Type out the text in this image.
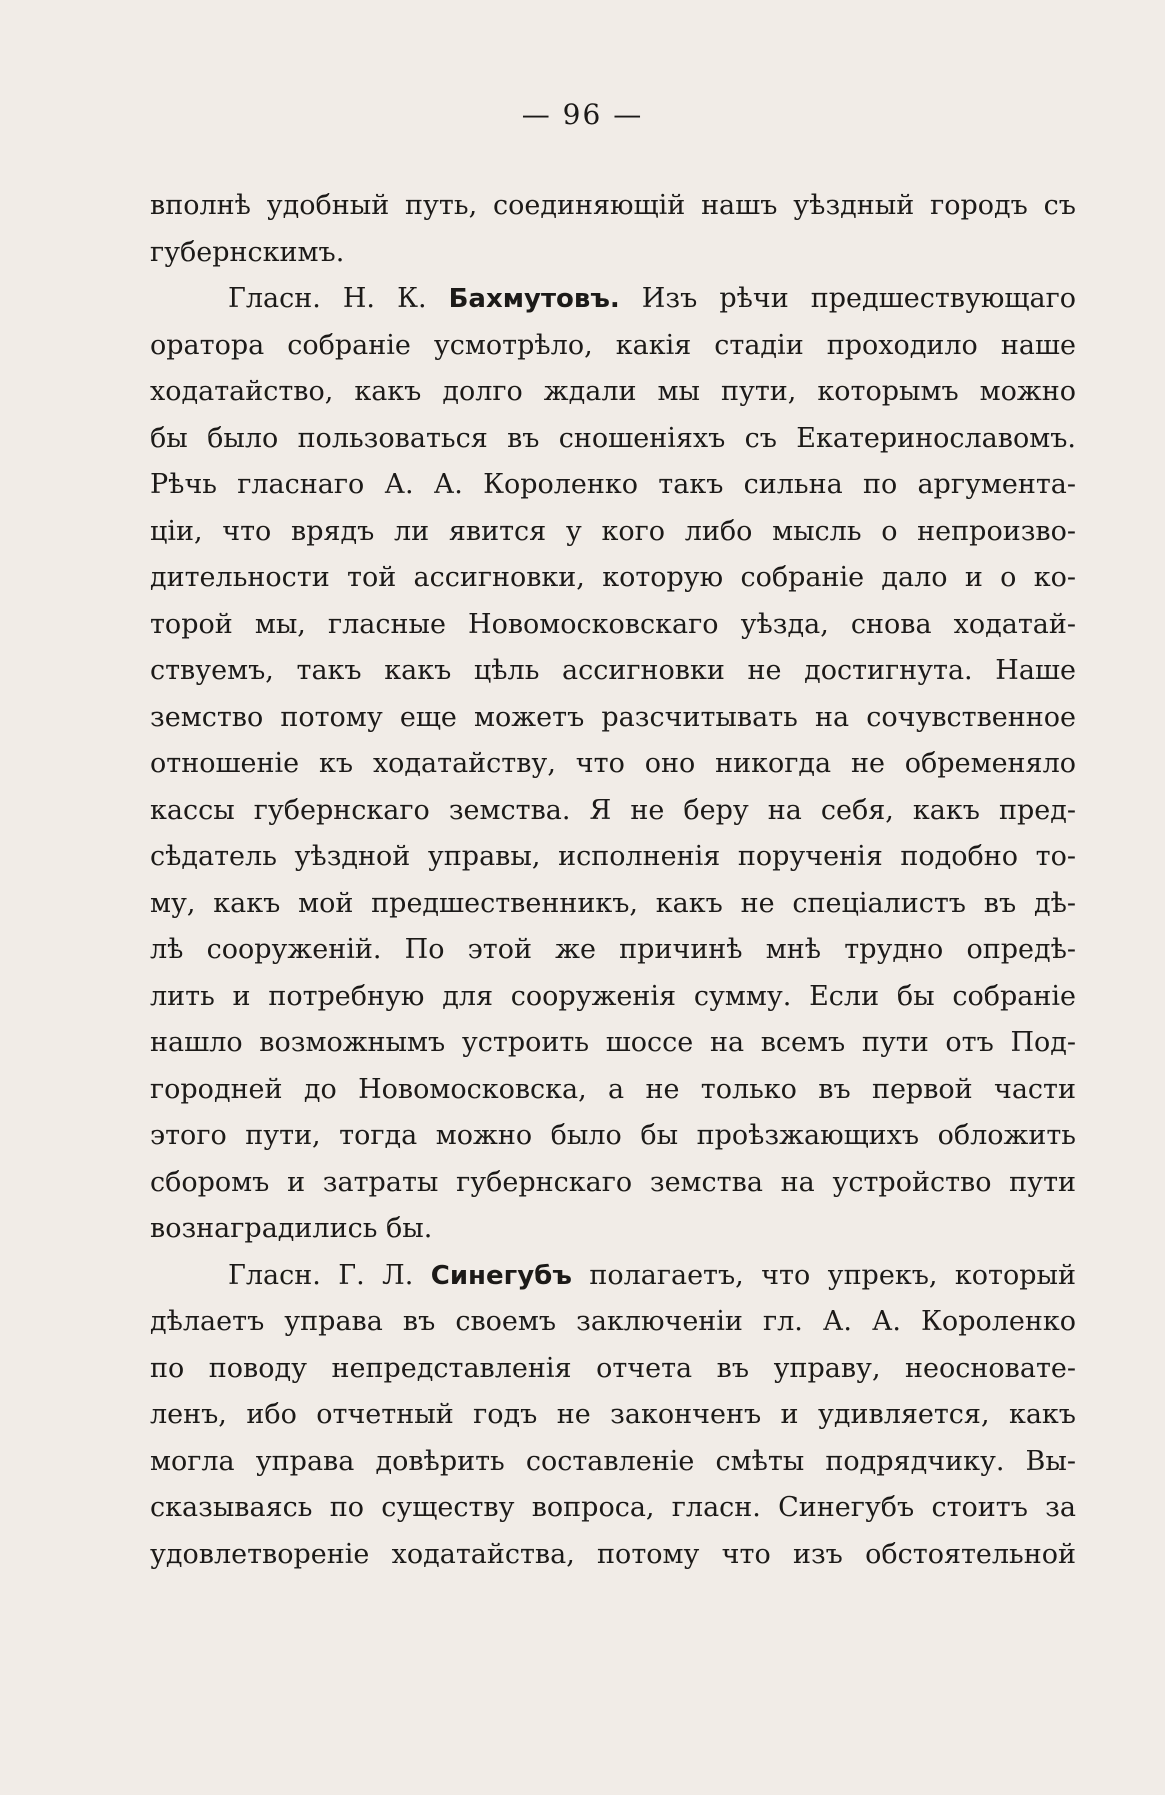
— 96 —
вполнѣ удобный путь, соединяющій нашъ уѣздный городъ съ
губернскимъ.
Гласн. Н. К. Бахмутовъ. Изъ рѣчи предшествующаго
оратора собраніе усмотрѣло, какія стадіи проходило наше
ходатайство, какъ долго ждали мы пути, которымъ можно
бы было пользоваться въ сношеніяхъ съ Екатеринославомъ.
Рѣчь гласнаго А. А. Короленко такъ сильна по аргумента-
ціи, что врядъ ли явится у кого либо мысль о непроизво-
дительности той ассигновки, которую собраніе дало и о ко-
торой мы, гласные Новомосковскаго уѣзда, снова ходатай-
ствуемъ, такъ какъ цѣль ассигновки не достигнута. Наше
земство потому еще можетъ разсчитывать на сочувственное
отношеніе къ ходатайству, что оно никогда не обременяло
кассы губернскаго земства. Я не беру на себя, какъ пред-
сѣдатель уѣздной управы, исполненія порученія подобно то-
му, какъ мой предшественникъ, какъ не спеціалистъ въ дѣ-
лѣ сооруженій. По этой же причинѣ мнѣ трудно опредѣ-
лить и потребную для сооруженія сумму. Если бы собраніе
нашло возможнымъ устроить шоссе на всемъ пути отъ Под-
городней до Новомосковска, а не только въ первой части
этого пути, тогда можно было бы проѣзжающихъ обложить
сборомъ и затраты губернскаго земства на устройство пути
вознаградились бы.
Гласн. Г. Л. Синегубъ полагаетъ, что упрекъ, который
дѣлаетъ управа въ своемъ заключеніи гл. А. А. Короленко
по поводу непредставленія отчета въ управу, неосновате-
ленъ, ибо отчетный годъ не законченъ и удивляется, какъ
могла управа довѣрить составленіе смѣты подрядчику. Вы-
сказываясь по существу вопроса, гласн. Синегубъ стоитъ за
удовлетвореніе ходатайства, потому что изъ обстоятельной
